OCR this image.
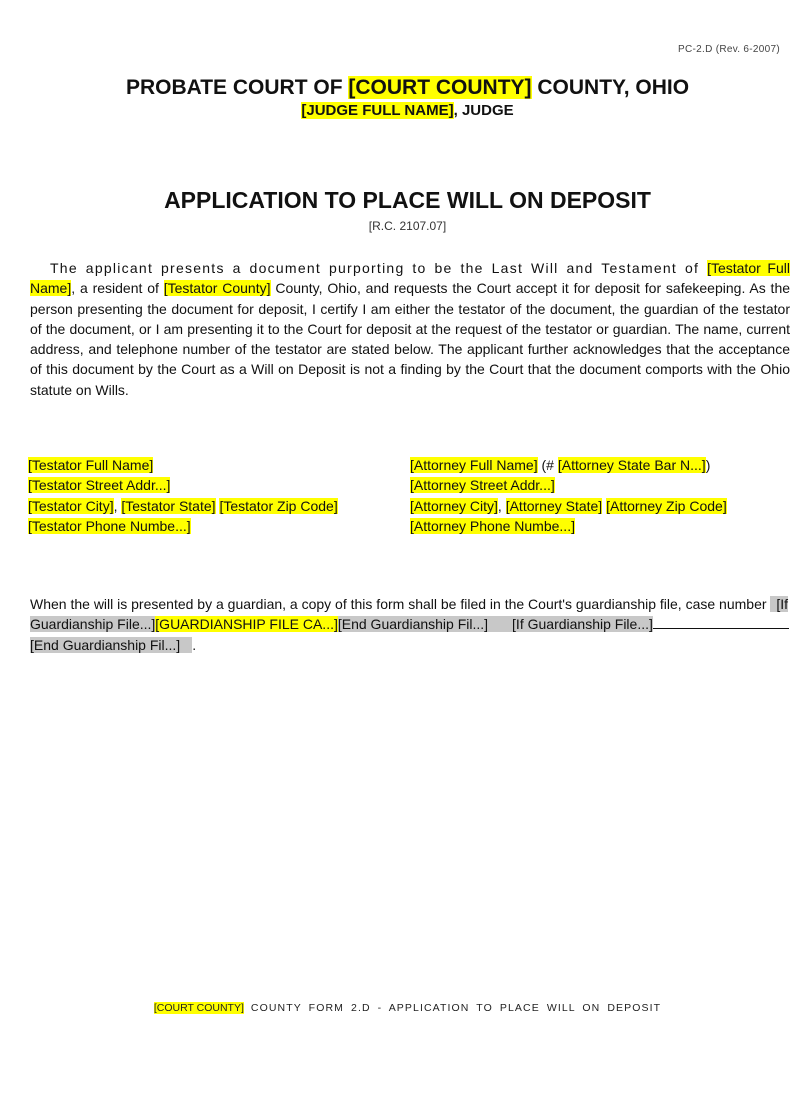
PC-2.D (Rev. 6-2007)
PROBATE COURT OF [COURT COUNTY] COUNTY, OHIO
[JUDGE FULL NAME], JUDGE
APPLICATION TO PLACE WILL ON DEPOSIT
[R.C. 2107.07]

The applicant presents a document purporting to be the Last Will and Testament of [Testator Full Name], a resident of [Testator County] County, Ohio, and requests the Court accept it for deposit for safekeeping. As the person presenting the document for deposit, I certify I am either the testator of the document, the guardian of the testator of the document, or I am presenting it to the Court for deposit at the request of the testator or guardian. The name, current address, and telephone number of the testator are stated below. The applicant further acknowledges that the acceptance of this document by the Court as a Will on Deposit is not a finding by the Court that the document comports with the Ohio statute on Wills.

[Testator Full Name]
[Testator Street Addr...]
[Testator City], [Testator State] [Testator Zip Code]
[Testator Phone Numbe...]
[Attorney Full Name] (# [Attorney State Bar N...])
[Attorney Street Addr...]
[Attorney City], [Attorney State] [Attorney Zip Code]
[Attorney Phone Numbe...]

When the will is presented by a guardian, a copy of this form shall be filed in the Court's guardianship file, case number [If Guardianship File...][GUARDIANSHIP FILE CA...][End Guardianship Fil...] [If Guardianship File...][End Guardianship Fil...] .

[COURT COUNTY] COUNTY FORM 2.D - APPLICATION TO PLACE WILL ON DEPOSIT
